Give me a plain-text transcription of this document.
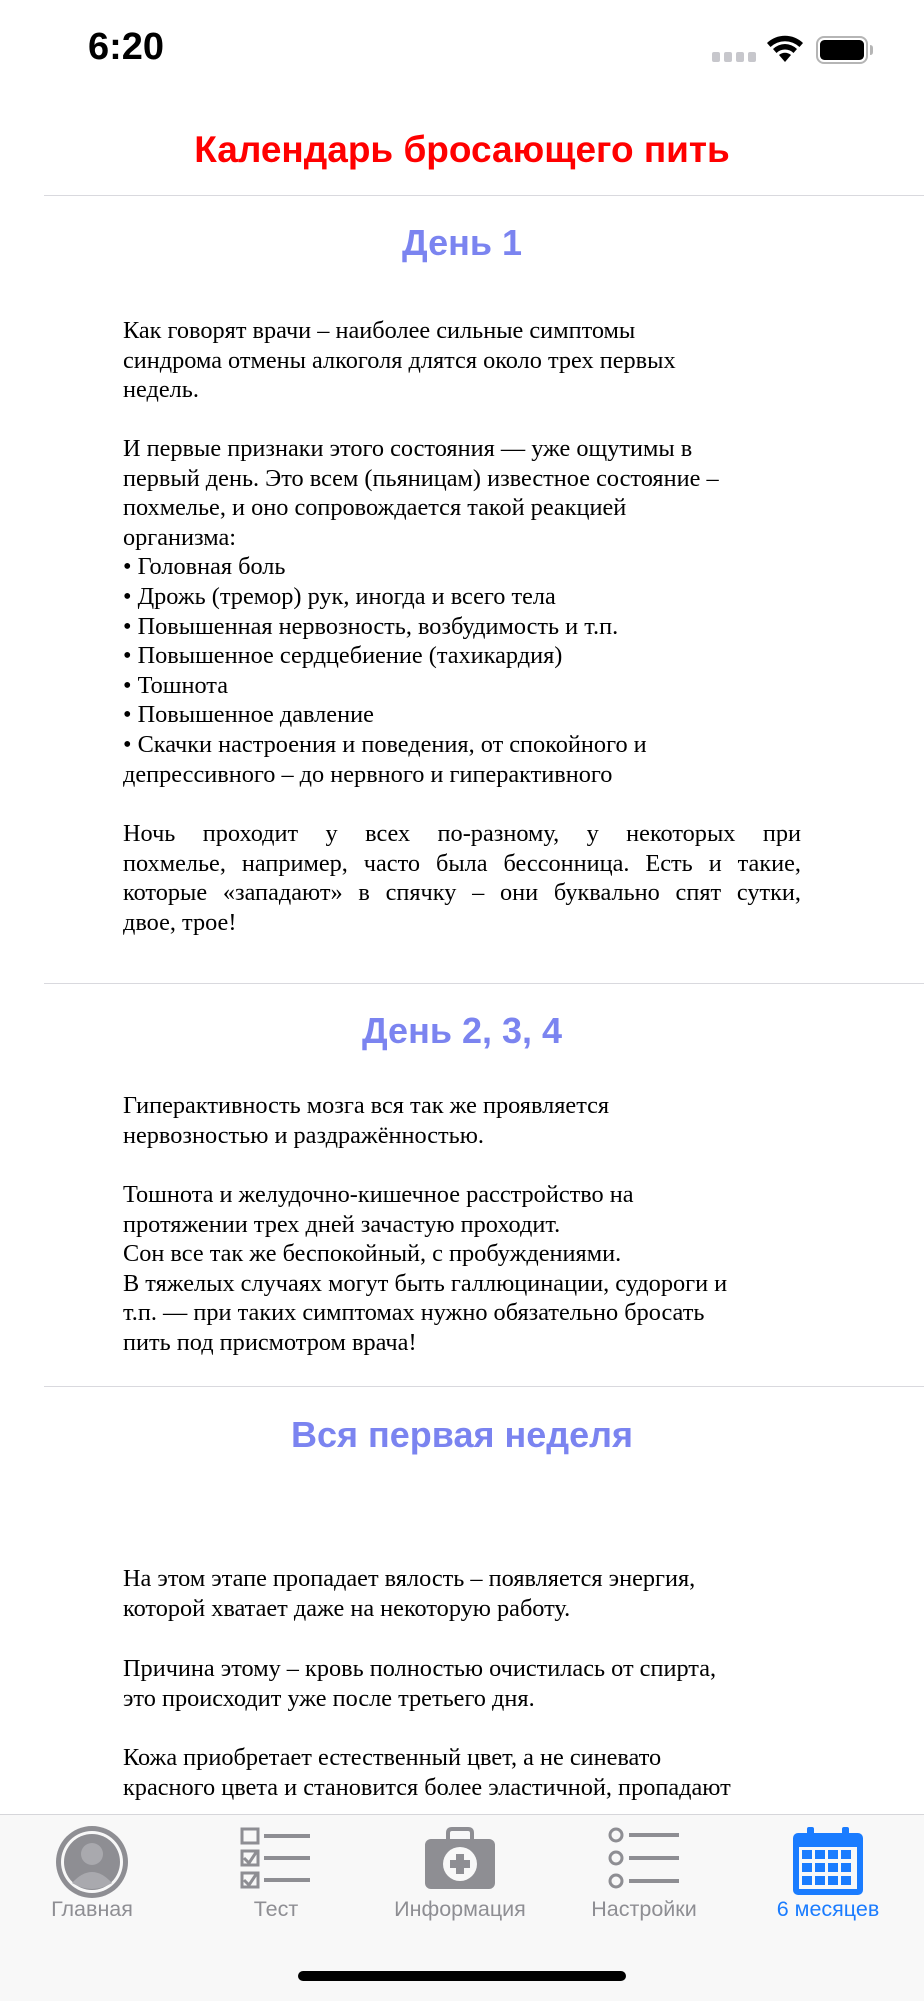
6:20
Календарь бросающего пить
День 1
Как говорят врачи – наиболее сильные симптомы
синдрома отмены алкоголя длятся около трех первых
недель.
И первые признаки этого состояния — уже ощутимы в
первый день. Это всем (пьяницам) известное состояние –
похмелье, и оно сопровождается такой реакцией
организма:
• Головная боль
• Дрожь (тремор) рук, иногда и всего тела
• Повышенная нервозность, возбудимость и т.п.
• Повышенное сердцебиение (тахикардия)
• Тошнота
• Повышенное давление
• Скачки настроения и поведения, от спокойного и
депрессивного – до нервного и гиперактивного
Ночь проходит у всех по-разному, у некоторых при
похмелье, например, часто была бессонница. Есть и такие,
которые «западают» в спячку – они буквально спят сутки,
двое, трое!
День 2, 3, 4
Гиперактивность мозга вся так же проявляется
нервозностью и раздражённостью.
Тошнота и желудочно-кишечное расстройство на
протяжении трех дней зачастую проходит.
Сон все так же беспокойный, с пробуждениями.
В тяжелых случаях могут быть галлюцинации, судороги и
т.п. — при таких симптомах нужно обязательно бросать
пить под присмотром врача!
Вся первая неделя
На этом этапе пропадает вялость – появляется энергия,
которой хватает даже на некоторую работу.
Причина этому – кровь полностью очистилась от спирта,
это происходит уже после третьего дня.
Кожа приобретает естественный цвет, а не синевато
красного цвета и становится более эластичной, пропадают
Главная	Тест	Информация	Настройки	6 месяцев
